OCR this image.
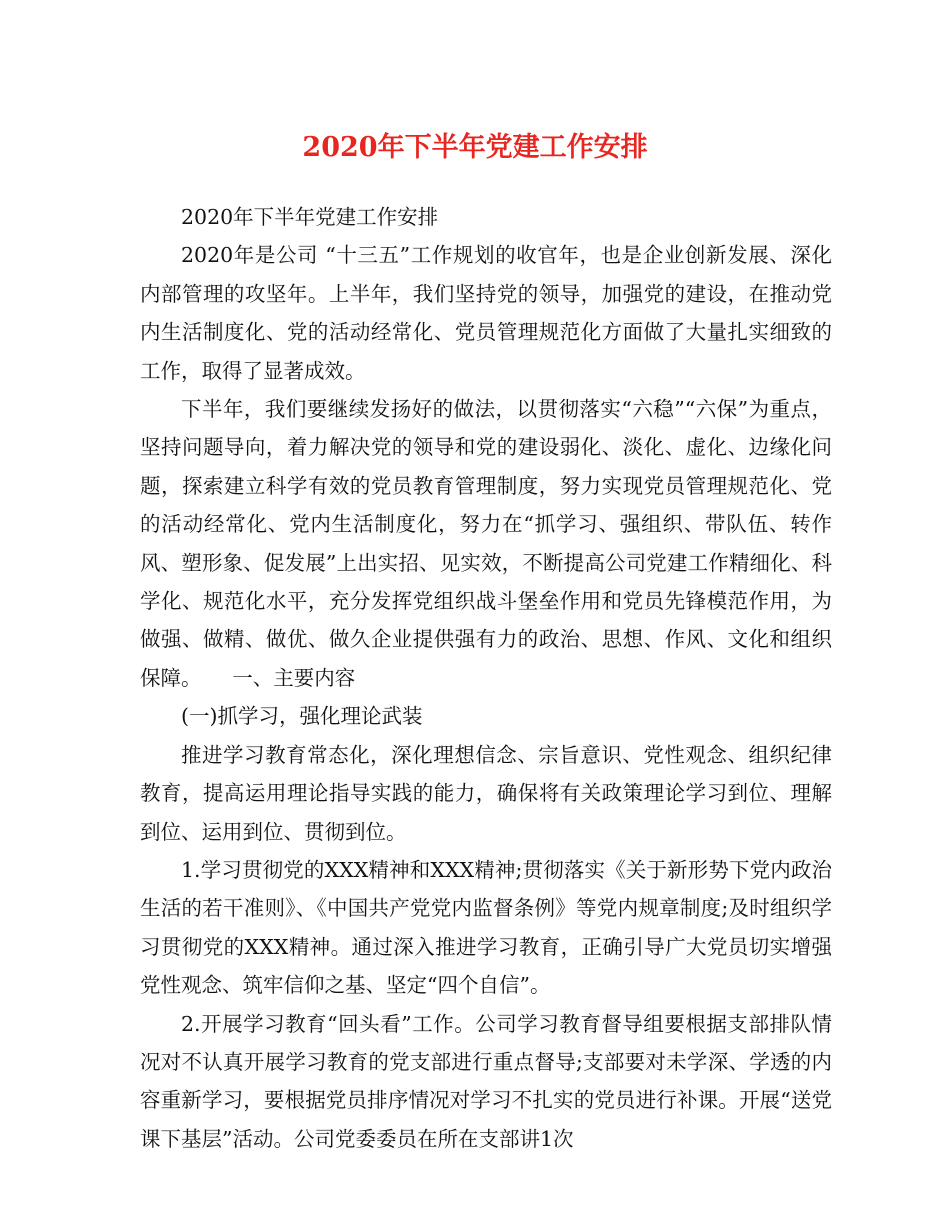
2020年下半年党建工作安排

2020年下半年党建工作安排

2020年是公司 “十三五”工作规划的收官年，也是企业创新发展、深化内部管理的攻坚年。上半年，我们坚持党的领导，加强党的建设，在推动党内生活制度化、党的活动经常化、党员管理规范化方面做了大量扎实细致的工作，取得了显著成效。

下半年，我们要继续发扬好的做法，以贯彻落实“六稳”“六保”为重点，坚持问题导向，着力解决党的领导和党的建设弱化、淡化、虚化、边缘化问题，探索建立科学有效的党员教育管理制度，努力实现党员管理规范化、党的活动经常化、党内生活制度化，努力在“抓学习、强组织、带队伍、转作风、塑形象、促发展”上出实招、见实效，不断提高公司党建工作精细化、科学化、规范化水平，充分发挥党组织战斗堡垒作用和党员先锋模范作用，为做强、做精、做优、做久企业提供强有力的政治、思想、作风、文化和组织保障。 一、主要内容

(一)抓学习，强化理论武装

推进学习教育常态化，深化理想信念、宗旨意识、党性观念、组织纪律教育，提高运用理论指导实践的能力，确保将有关政策理论学习到位、理解到位、运用到位、贯彻到位。

1.学习贯彻党的XXX精神和XXX精神;贯彻落实《关于新形势下党内政治生活的若干准则》、《中国共产党党内监督条例》等党内规章制度;及时组织学习贯彻党的XXX精神。通过深入推进学习教育，正确引导广大党员切实增强党性观念、筑牢信仰之基、坚定“四个自信”。

2.开展学习教育“回头看”工作。公司学习教育督导组要根据支部排队情况对不认真开展学习教育的党支部进行重点督导;支部要对未学深、学透的内容重新学习，要根据党员排序情况对学习不扎实的党员进行补课。开展“送党课下基层”活动。公司党委委员在所在支部讲1次
